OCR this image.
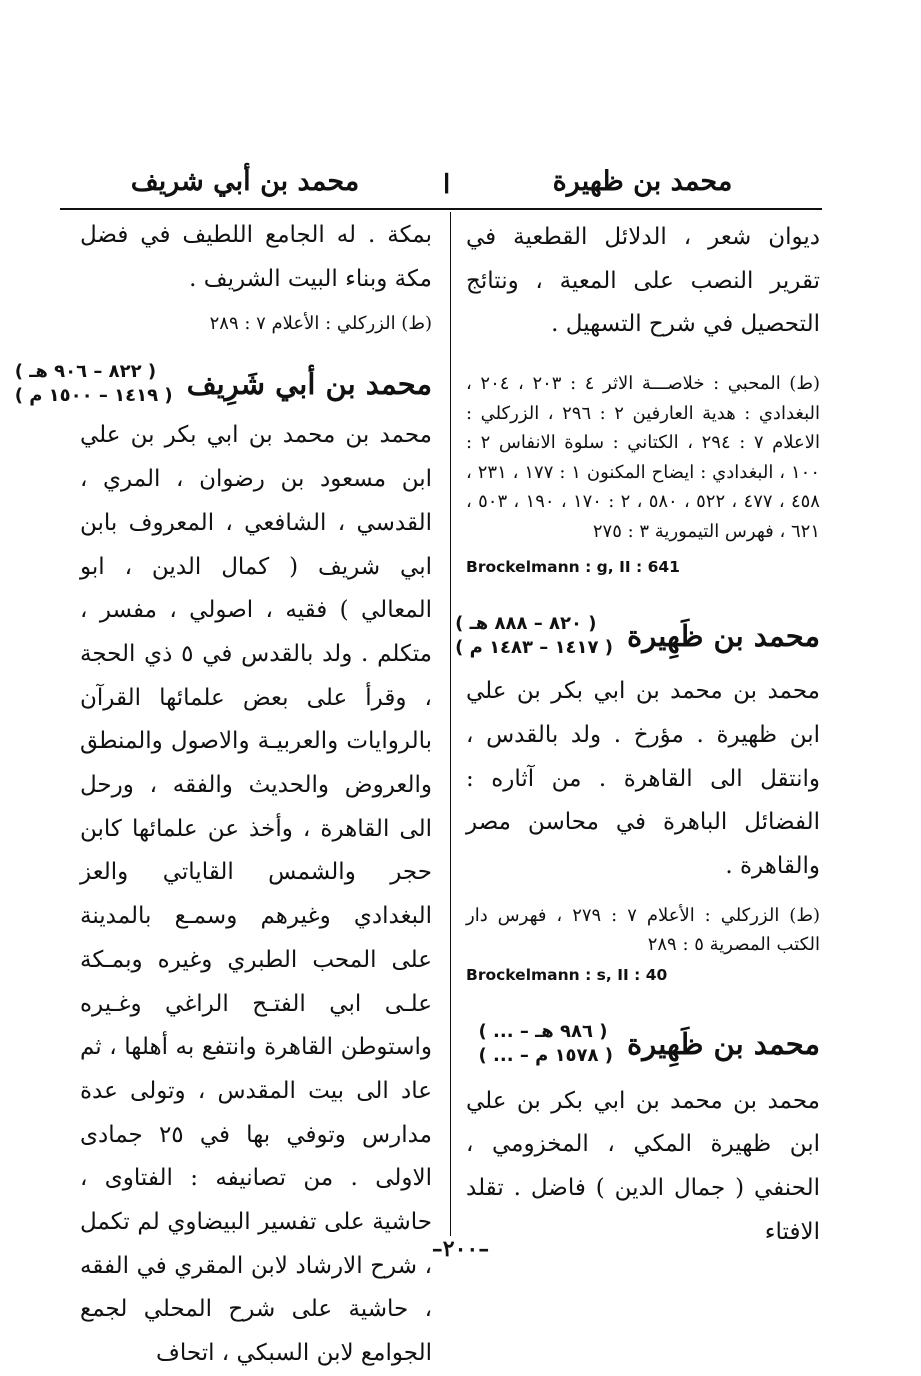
محمد بن ظهيرة
ا
محمد بن أبي شريف

ديوان شعر ، الدلائل القطعية في تقرير النصب على المعية ، ونتائج التحصيل في شرح التسهيل .

(ط) المحبي : خلاصـــة الاثر ٤ : ٢٠٣ ، ٢٠٤ ، البغدادي : هدية العارفين ٢ : ٢٩٦ ، الزركلي : الاعلام ٧ : ٢٩٤ ، الكتاني : سلوة الانفاس ٢ : ١٠٠ ، البغدادي : ايضاح المكنون ١ : ١٧٧ ، ٢٣١ ، ٤٥٨ ، ٤٧٧ ، ٥٢٢ ، ٥٨٠ ، ٢ : ١٧٠ ، ١٩٠ ، ٥٠٣ ، ٦٢١ ، فهرس التيمورية ٣ : ٢٧٥

Brockelmann : g, II : 641

محمد بن ظَهِيرة
( ٨٢٠ – ٨٨٨ هـ )
( ١٤١٧ – ١٤٨٣ م )

محمد بن محمد بن ابي بكر بن علي ابن ظهيرة . مؤرخ . ولد بالقدس ، وانتقل الى القاهرة . من آثاره : الفضائل الباهرة في محاسن مصر والقاهرة .

(ط) الزركلي : الأعلام ٧ : ٢٧٩ ، فهرس دار الكتب المصرية ٥ : ٢٨٩

Brockelmann : s, II : 40

محمد بن ظَهِيرة
( ... – ٩٨٦ هـ )
( ... – ١٥٧٨ م )

محمد بن محمد بن ابي بكر بن علي ابن ظهيرة المكي ، المخزومي ، الحنفي ( جمال الدين ) فاضل . تقلد الافتاء

بمكة . له الجامع اللطيف في فضل مكة وبناء البيت الشريف .

(ط) الزركلي : الأعلام ٧ : ٢٨٩

محمد بن أبي شَرِيف
( ٨٢٢ – ٩٠٦ هـ )
( ١٤١٩ – ١٥٠٠ م )

محمد بن محمد بن ابي بكر بن علي ابن مسعود بن رضوان ، المري ، القدسي ، الشافعي ، المعروف بابن ابي شريف ( كمال الدين ، ابو المعالي ) فقيه ، اصولي ، مفسر ، متكلم . ولد بالقدس في ٥ ذي الحجة ، وقرأ على بعض علمائها القرآن بالروايات والعربيـة والاصول والمنطق والعروض والحديث والفقه ، ورحل الى القاهرة ، وأخذ عن علمائها كابن حجر والشمس القاياتي والعز البغدادي وغيرهم وسمـع بالمدينة على المحب الطبري وغيره وبمـكة علـى ابي الفتـح الراغي وغـيره واستوطن القاهرة وانتفع به أهلها ، ثم عاد الى بيت المقدس ، وتولى عدة مدارس وتوفي بها في ٢٥ جمادى الاولى . من تصانيفه : الفتاوى ، حاشية على تفسير البيضاوي لم تكمل ، شرح الارشاد لابن المقري في الفقه ، حاشية على شرح المحلي لجمع الجوامع لابن السبكي ، اتحاف

–٢٠٠–
